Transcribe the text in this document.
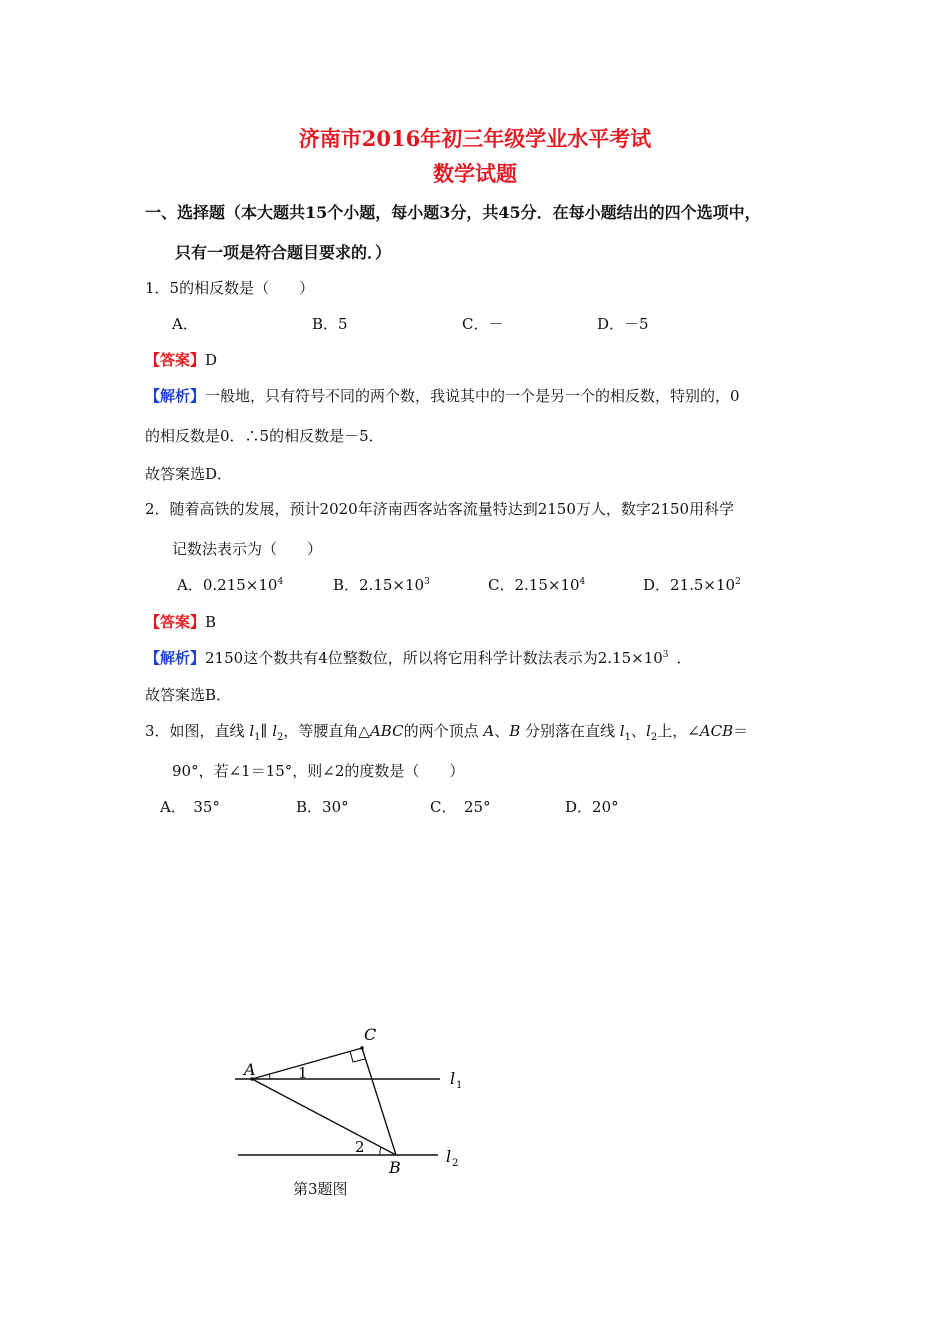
济南市2016年初三年级学业水平考试
数学试题
一、选择题（本大题共15个小题，每小题3分，共45分．在每小题结出的四个选项中，
只有一项是符合题目要求的．）
1．5的相反数是（　　）
A．	B．5	C．－	D．－5
【答案】D
【解析】一般地，只有符号不同的两个数，我说其中的一个是另一个的相反数，特别的，0
的相反数是0．∴5的相反数是－5．
故答案选D．
2．随着高铁的发展，预计2020年济南西客站客流量特达到2150万人，数字2150用科学
记数法表示为（　　）
A．$0.215\times 10^4$	B．$2.15\times 10^3$	C．$2.15\times 10^4$	D．$21.5\times 10^2$
【答案】B
【解析】2150这个数共有4位整数位，所以将它用科学计数法表示为$2.15\times 10^3$ ．
故答案选B．
3．如图，直线 $l_1\parallel$ $l_2$，等腰直角△ABC的两个顶点 A、B 分别落在直线 $l_1$、$l_2$上，∠ACB＝
90°，若∠1＝15°，则∠2的度数是（　　）
A．　35°	B．30°	C．　25°	D．20°
A
C
B
1
2
l 1
l 2
第3题图
